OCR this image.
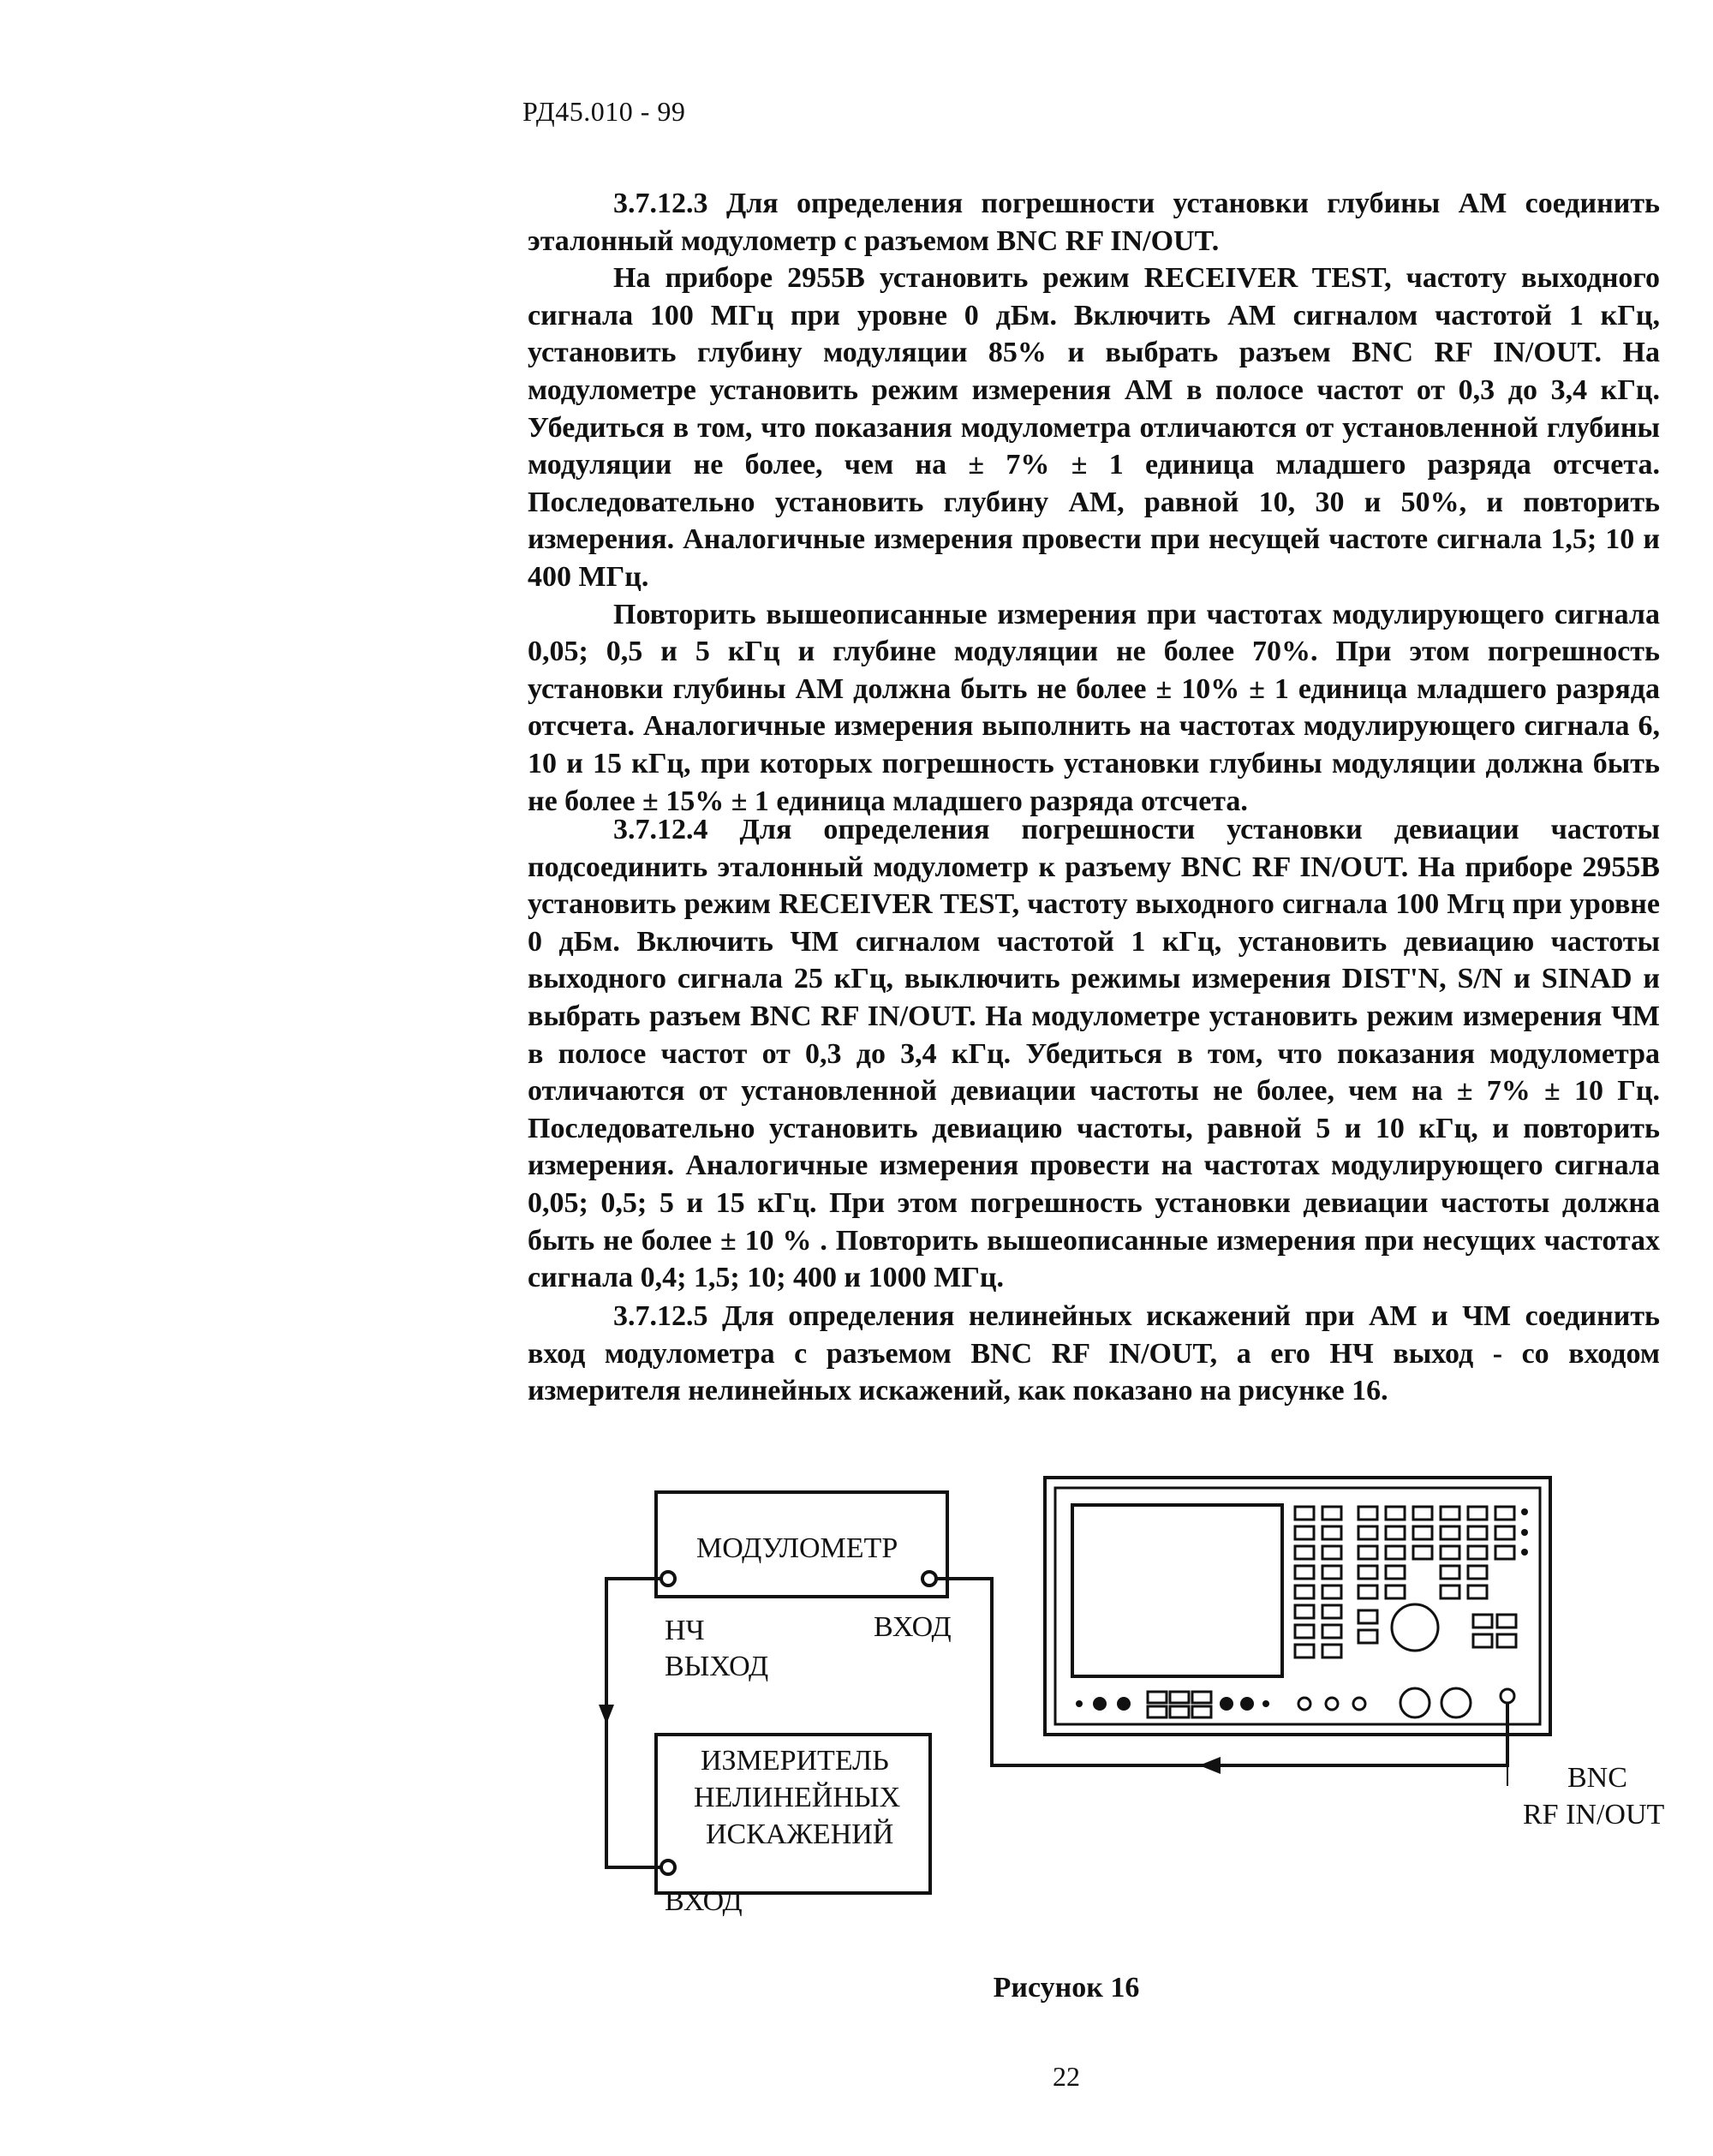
РД45.010 - 99

3.7.12.3 Для определения погрешности установки глубины АМ соединить эталонный модулометр с разъемом BNC RF IN/OUT.

На приборе 2955В установить режим RECEIVER TEST, частоту выходного сигнала 100 МГц при уровне 0 дБм. Включить АМ сигналом частотой 1 кГц, установить глубину модуляции 85% и выбрать разъем BNC RF IN/OUT. На модулометре установить режим измерения АМ в полосе частот от 0,3 до 3,4 кГц. Убедиться в том, что показания модулометра отличаются от установленной глубины модуляции не более, чем на ± 7% ± 1 единица младшего разряда отсчета. Последовательно установить глубину АМ, равной 10, 30 и 50%, и повторить измерения. Аналогичные измерения провести при несущей частоте сигнала 1,5; 10 и 400 МГц.

Повторить вышеописанные измерения при частотах модулирующего сигнала 0,05; 0,5 и 5 кГц и глубине модуляции не более 70%. При этом погрешность установки глубины АМ должна быть не более ± 10% ± 1 единица младшего разряда отсчета. Аналогичные измерения выполнить на частотах модулирующего сигнала 6, 10 и 15 кГц, при которых погрешность установки глубины модуляции должна быть не более ± 15% ± 1 единица младшего разряда отсчета.

3.7.12.4 Для определения погрешности установки девиации частоты подсоединить эталонный модулометр к разъему BNC RF IN/OUT. На приборе 2955В установить режим RECEIVER TEST, частоту выходного сигнала 100 Мгц при уровне 0 дБм. Включить ЧМ сигналом частотой 1 кГц, установить девиацию частоты выходного сигнала 25 кГц, выключить режимы измерения DIST'N, S/N и SINAD и выбрать разъем BNC RF IN/OUT. На модулометре установить режим измерения ЧМ в полосе частот от 0,3 до 3,4 кГц. Убедиться в том, что показания модулометра отличаются от установленной девиации частоты не более, чем на ± 7% ± 10 Гц. Последовательно установить девиацию частоты, равной 5 и 10 кГц, и повторить измерения. Аналогичные измерения провести на частотах модулирующего сигнала 0,05; 0,5; 5 и 15 кГц. При этом погрешность установки девиации частоты должна быть не более ± 10 % . Повторить вышеописанные измерения при несущих частотах сигнала 0,4; 1,5; 10; 400 и 1000 МГц.

3.7.12.5 Для определения нелинейных искажений при АМ и ЧМ соединить вход модулометра с разъемом BNC RF IN/OUT, а его НЧ выход - со входом измерителя нелинейных искажений, как показано на рисунке 16.

МОДУЛОМЕТР
НЧ
ВЫХОД
ВХОД
ИЗМЕРИТЕЛЬ
НЕЛИНЕЙНЫХ
ИСКАЖЕНИЙ
ВХОД
BNC
RF IN/OUT
Рисунок 16
22
